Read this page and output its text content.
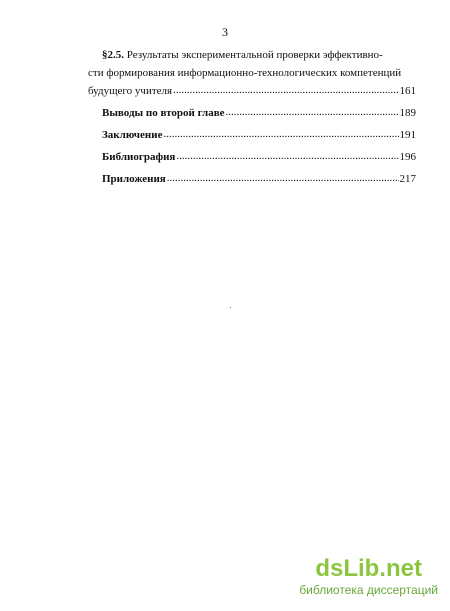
3
§2.5. Результаты экспериментальной проверки эффективно-
сти формирования информационно-технологических компетенций
будущего учителя .....	161
Выводы по второй главе .....	189
Заключение .....	191
Библиография .....	196
Приложения .....	217
dsLib.net
библиотека диссертаций
